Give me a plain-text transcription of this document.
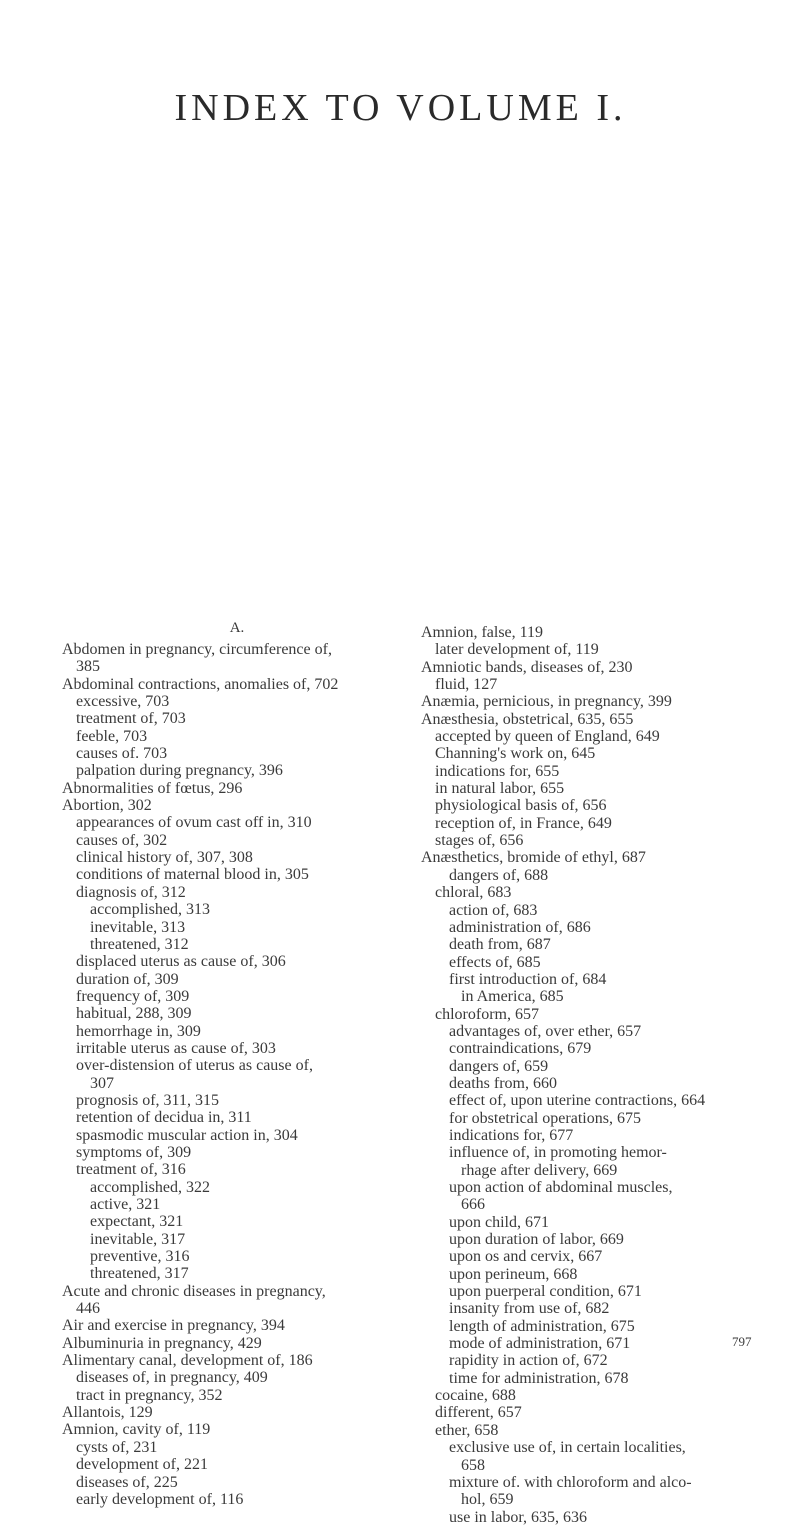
INDEX TO VOLUME I.
A.
Abdomen in pregnancy, circumference of,
385
Abdominal contractions, anomalies of, 702
excessive, 703
treatment of, 703
feeble, 703
causes of. 703
palpation during pregnancy, 396
Abnormalities of fœtus, 296
Abortion, 302
appearances of ovum cast off in, 310
causes of, 302
clinical history of, 307, 308
conditions of maternal blood in, 305
diagnosis of, 312
accomplished, 313
inevitable, 313
threatened, 312
displaced uterus as cause of, 306
duration of, 309
frequency of, 309
habitual, 288, 309
hemorrhage in, 309
irritable uterus as cause of, 303
over-distension of uterus as cause of,
307
prognosis of, 311, 315
retention of decidua in, 311
spasmodic muscular action in, 304
symptoms of, 309
treatment of, 316
accomplished, 322
active, 321
expectant, 321
inevitable, 317
preventive, 316
threatened, 317
Acute and chronic diseases in pregnancy,
446
Air and exercise in pregnancy, 394
Albuminuria in pregnancy, 429
Alimentary canal, development of, 186
diseases of, in pregnancy, 409
tract in pregnancy, 352
Allantois, 129
Amnion, cavity of, 119
cysts of, 231
development of, 221
diseases of, 225
early development of, 116
Amnion, false, 119
later development of, 119
Amniotic bands, diseases of, 230
fluid, 127
Anæmia, pernicious, in pregnancy, 399
Anæsthesia, obstetrical, 635, 655
accepted by queen of England, 649
Channing's work on, 645
indications for, 655
in natural labor, 655
physiological basis of, 656
reception of, in France, 649
stages of, 656
Anæsthetics, bromide of ethyl, 687
dangers of, 688
chloral, 683
action of, 683
administration of, 686
death from, 687
effects of, 685
first introduction of, 684
in America, 685
chloroform, 657
advantages of, over ether, 657
contraindications, 679
dangers of, 659
deaths from, 660
effect of, upon uterine contractions, 664
for obstetrical operations, 675
indications for, 677
influence of, in promoting hemor-
rhage after delivery, 669
upon action of abdominal muscles,
666
upon child, 671
upon duration of labor, 669
upon os and cervix, 667
upon perineum, 668
upon puerperal condition, 671
insanity from use of, 682
length of administration, 675
mode of administration, 671
rapidity in action of, 672
time for administration, 678
cocaine, 688
different, 657
ether, 658
exclusive use of, in certain localities,
658
mixture of. with chloroform and alco-
hol, 659
use in labor, 635, 636
797
